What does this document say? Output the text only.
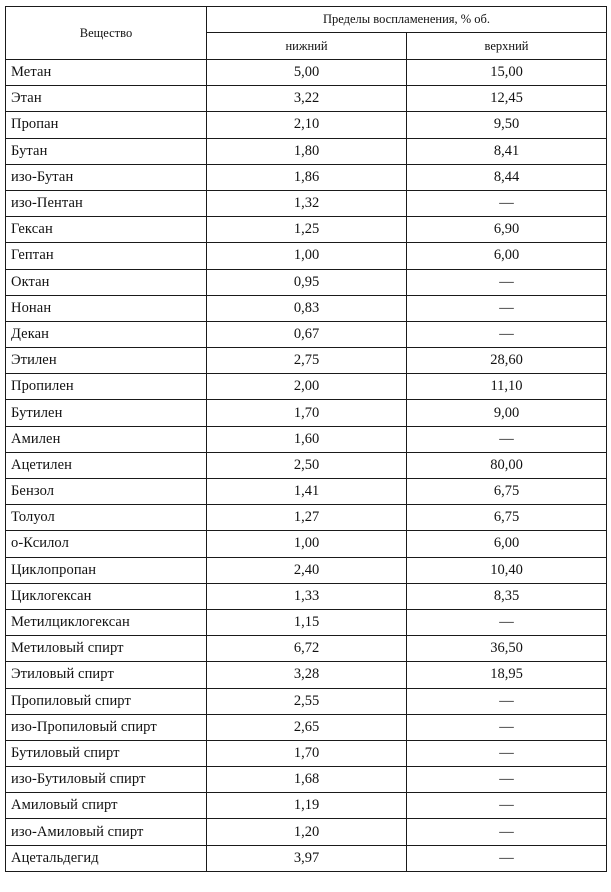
Вещество	Пределы воспламенения, % об.	
	нижний	верхний
Метан	5,00	15,00
Этан	3,22	12,45
Пропан	2,10	9,50
Бутан	1,80	8,41
изо-Бутан	1,86	8,44
изо-Пентан	1,32	—
Гексан	1,25	6,90
Гептан	1,00	6,00
Октан	0,95	—
Нонан	0,83	—
Декан	0,67	—
Этилен	2,75	28,60
Пропилен	2,00	11,10
Бутилен	1,70	9,00
Амилен	1,60	—
Ацетилен	2,50	80,00
Бензол	1,41	6,75
Толуол	1,27	6,75
о-Ксилол	1,00	6,00
Циклопропан	2,40	10,40
Циклогексан	1,33	8,35
Метилциклогексан	1,15	—
Метиловый спирт	6,72	36,50
Этиловый спирт	3,28	18,95
Пропиловый спирт	2,55	—
изо-Пропиловый спирт	2,65	—
Бутиловый спирт	1,70	—
изо-Бутиловый спирт	1,68	—
Амиловый спирт	1,19	—
изо-Амиловый спирт	1,20	—
Ацетальдегид	3,97	—
